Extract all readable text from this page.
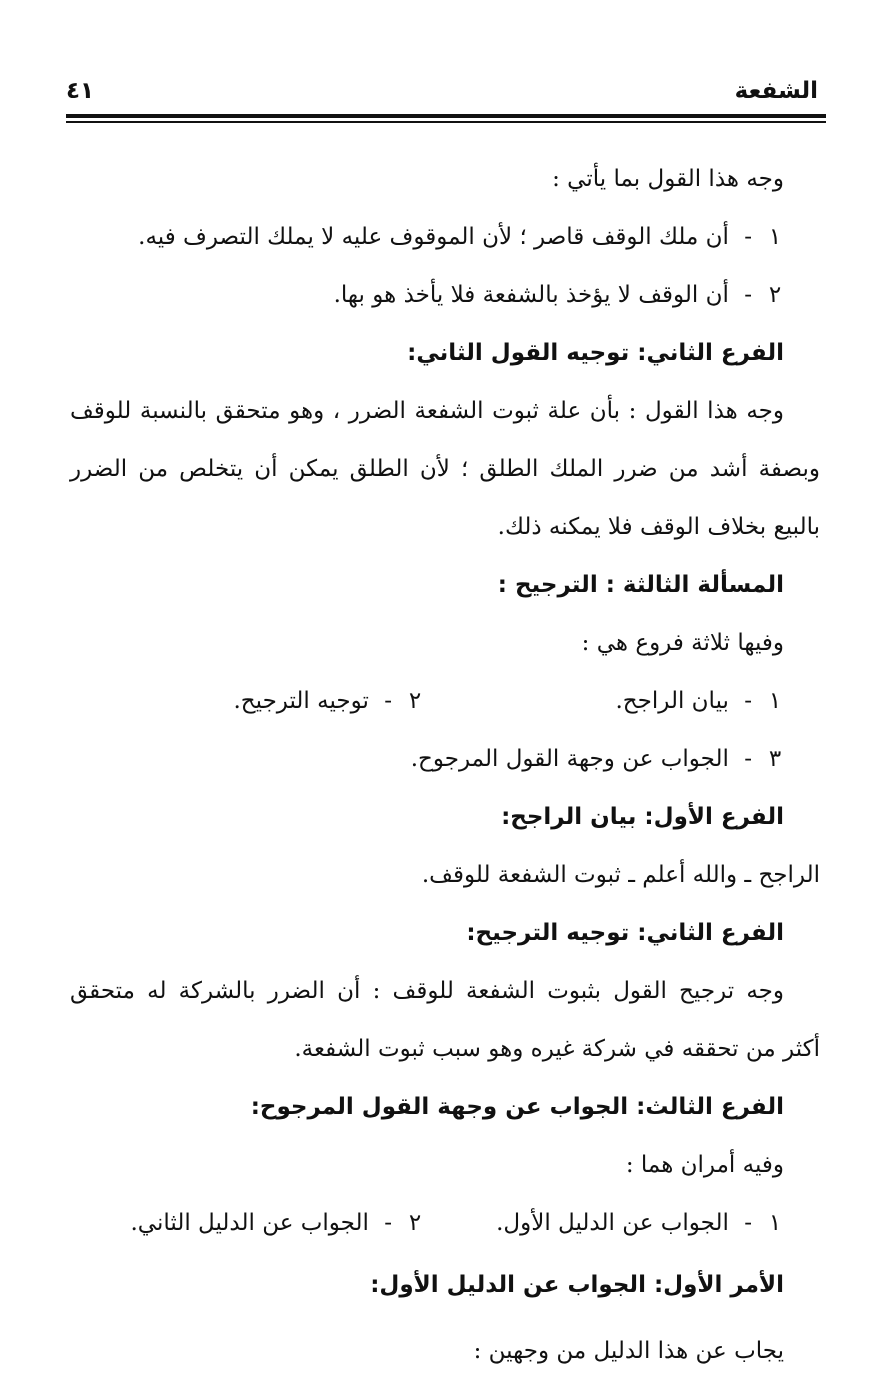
الشفعة
٤١
وجه هذا القول بما يأتي :
١- أن ملك الوقف قاصر ؛ لأن الموقوف عليه لا يملك التصرف فيه.
٢- أن الوقف لا يؤخذ بالشفعة فلا يأخذ هو بها.
الفرع الثاني: توجيه القول الثاني:
وجه هذا القول : بأن علة ثبوت الشفعة الضرر ، وهو متحقق بالنسبة للوقف
وبصفة أشد من ضرر الملك الطلق ؛ لأن الطلق يمكن أن يتخلص من الضرر
بالبيع بخلاف الوقف فلا يمكنه ذلك.
المسألة الثالثة : الترجيح :
وفيها ثلاثة فروع هي :
١- بيان الراجح.
٢- توجيه الترجيح.
٣- الجواب عن وجهة القول المرجوح.
الفرع الأول: بيان الراجح:
الراجح ـ والله أعلم ـ ثبوت الشفعة للوقف.
الفرع الثاني: توجيه الترجيح:
وجه ترجيح القول بثبوت الشفعة للوقف : أن الضرر بالشركة له متحقق
أكثر من تحققه في شركة غيره وهو سبب ثبوت الشفعة.
الفرع الثالث: الجواب عن وجهة القول المرجوح:
وفيه أمران هما :
١- الجواب عن الدليل الأول.
٢- الجواب عن الدليل الثاني.
الأمر الأول: الجواب عن الدليل الأول:
يجاب عن هذا الدليل من وجهين :
